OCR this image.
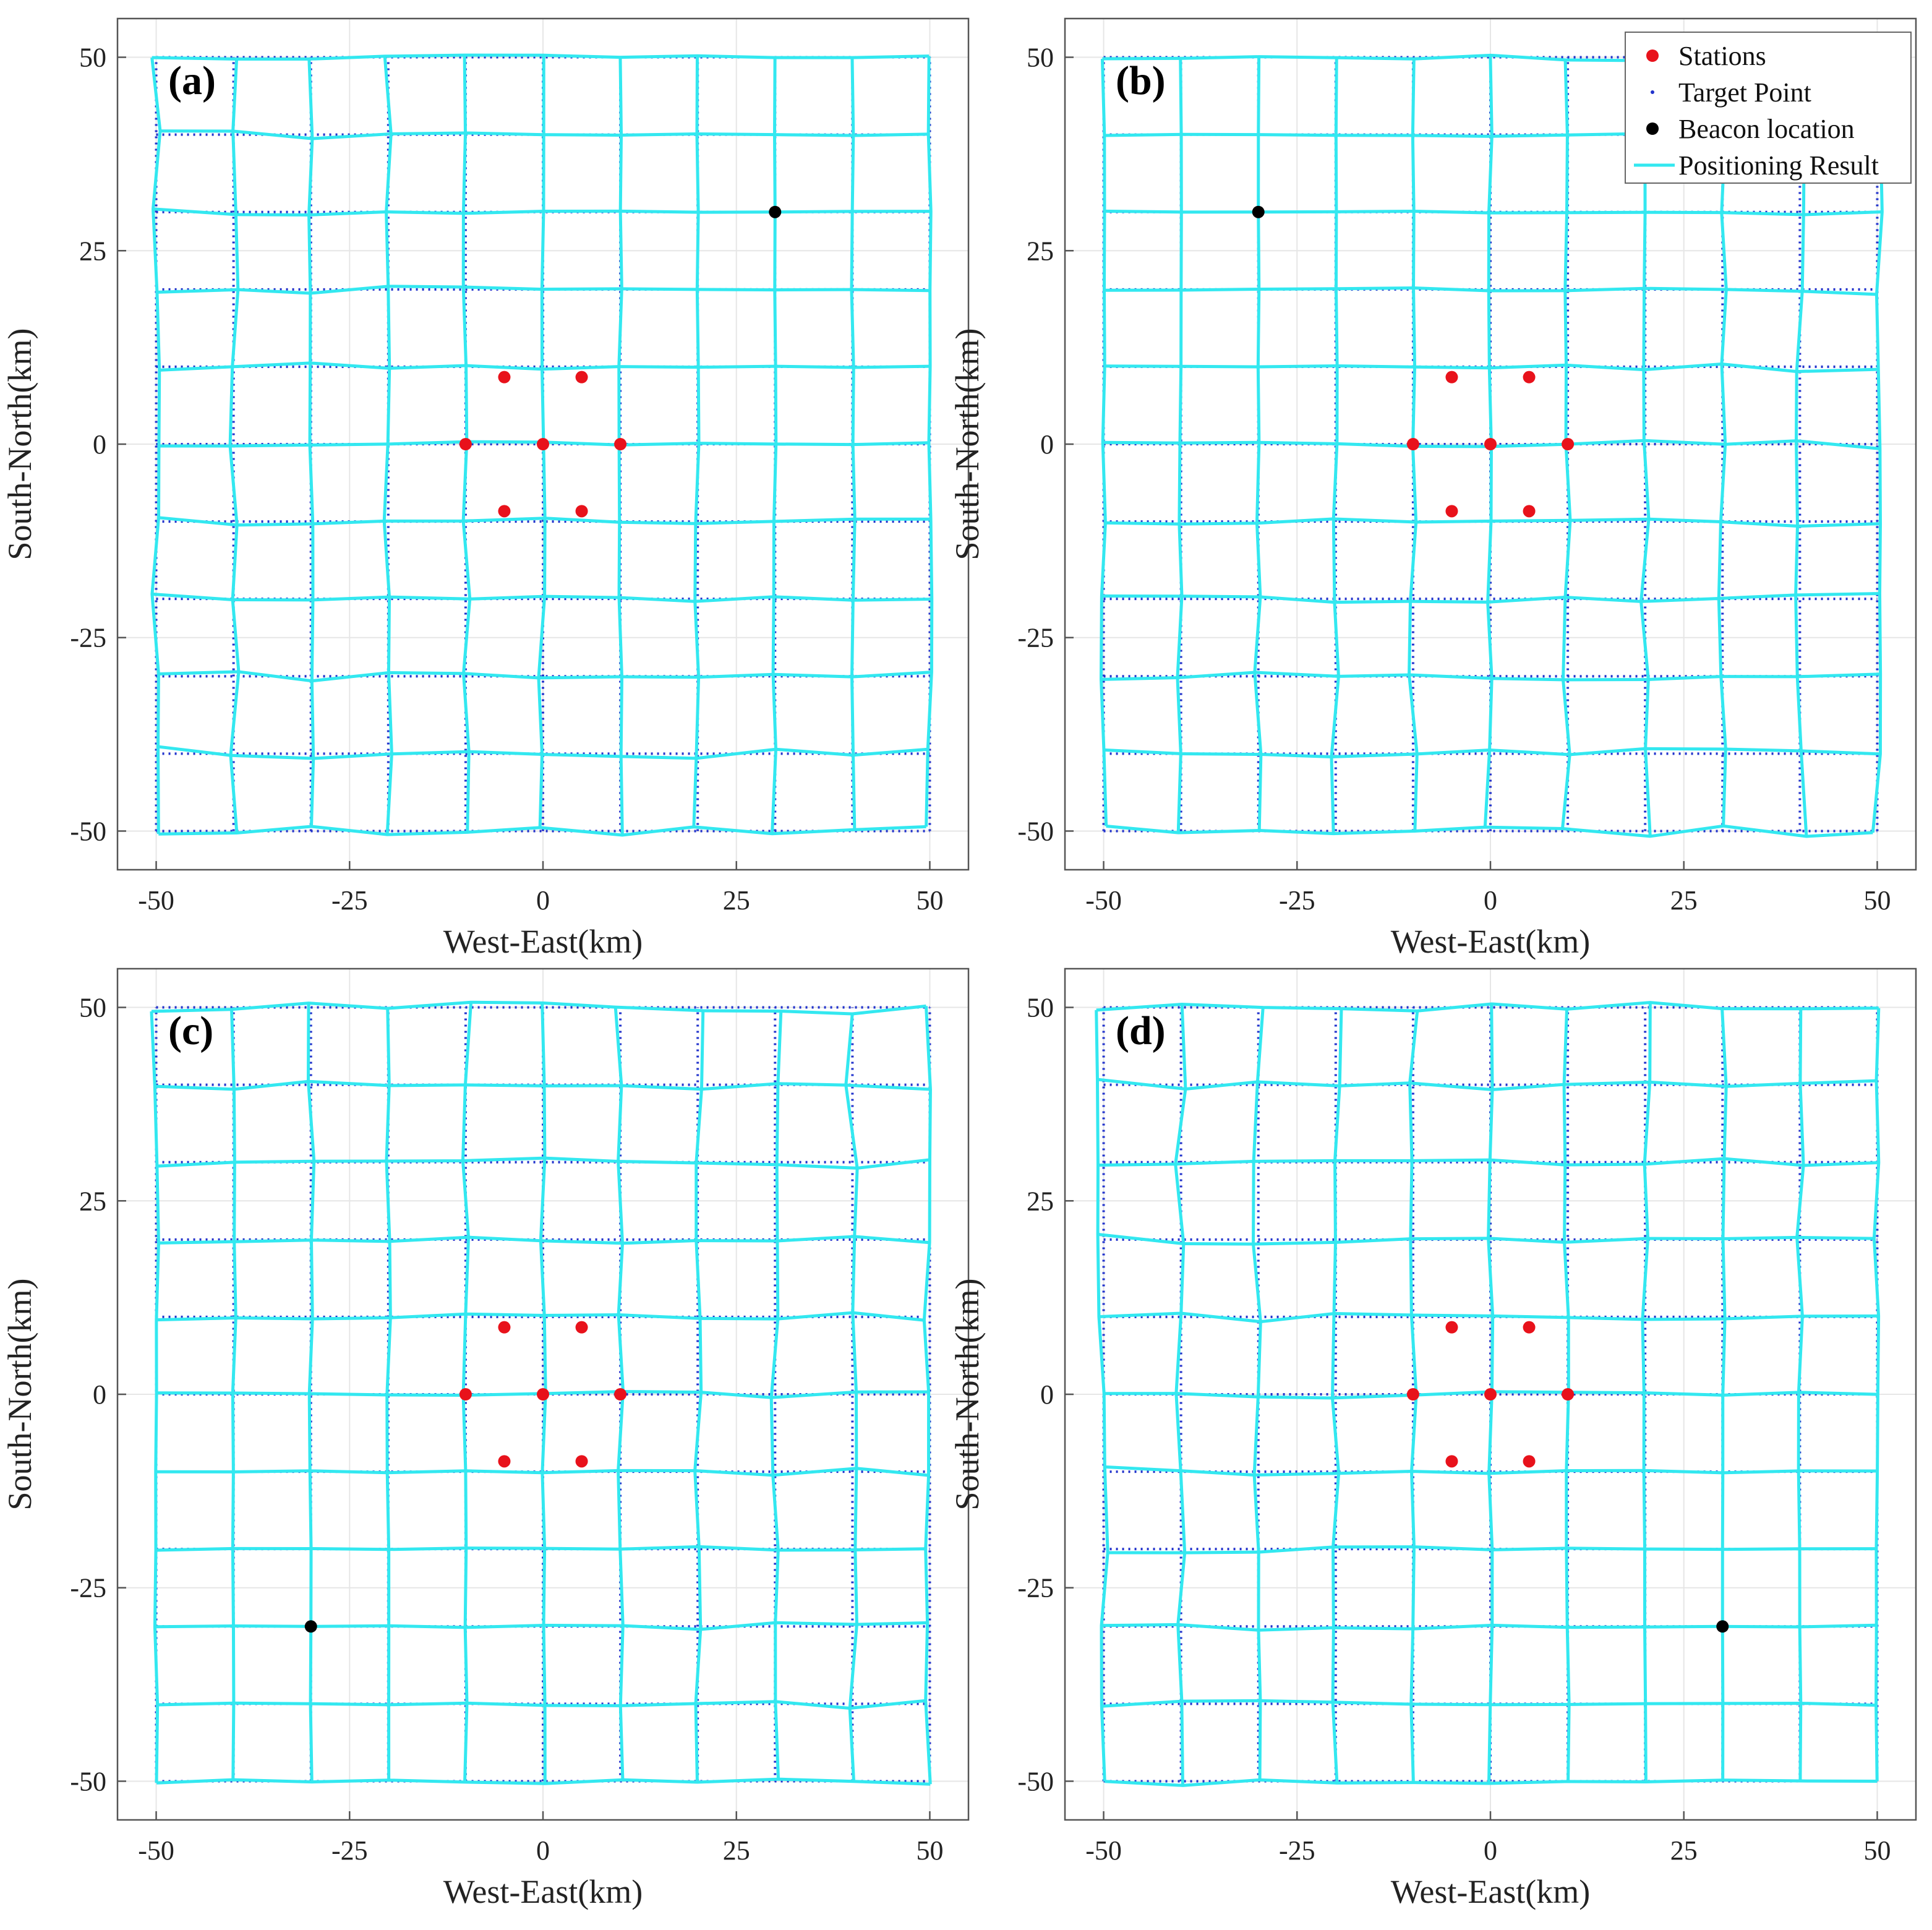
-50	-25	0	25	50
-50
-25
0
25
50
West-East(km)
South-North(km)
(a)
-50	-25	0	25	50
-50
-25
0
25
50
West-East(km)
South-North(km)
(b)
Stations
Target Point
Beacon location
Positioning Result
-50	-25	0	25	50
-50
-25
0
25
50
West-East(km)
South-North(km)
(c)
-50	-25	0	25	50
-50
-25
0
25
50
West-East(km)
South-North(km)
(d)
